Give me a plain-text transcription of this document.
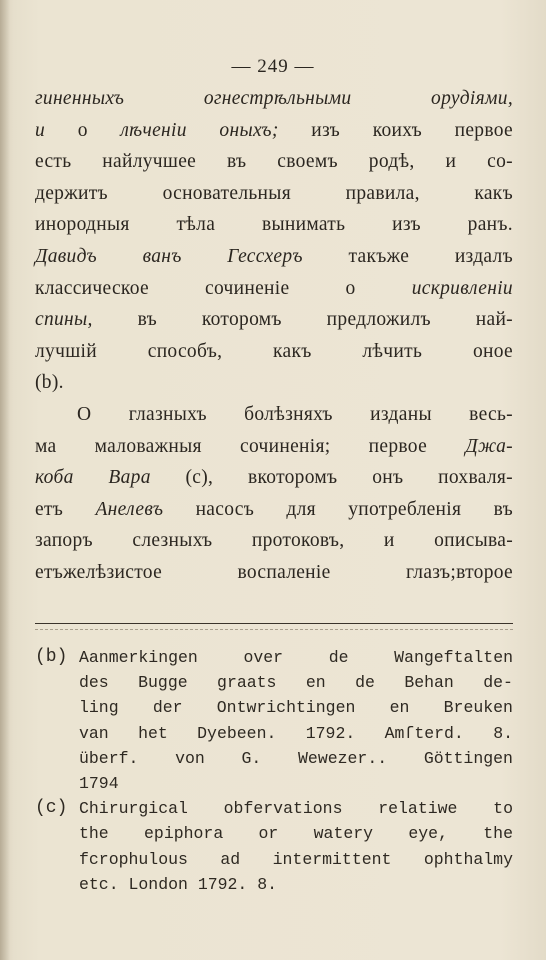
— 249 —
гиненныхъ	огнестрѣльными	орудіями,
и о лѣченіи оныхъ; изъ коихъ первое
есть найлучшее въ своемъ родѣ, и со-
держитъ	основательныя	правила,	какъ
инородныя тѣла вынимать изъ ранъ.
Давидъ ванъ Гессхеръ такъже издалъ
классическое	сочиненіе	о	искривленіи
спины, въ которомъ предложилъ най-
лучшій	способъ,	какъ	лѣчить	оное
(b).
О глазныхъ болѣзняхъ изданы весь-
ма маловажныя сочиненія; первое Джа-
коба Вара (c), вкоторомъ онъ похваля-
етъ Анелевъ насосъ для употребленія въ
запоръ слезныхъ протоковъ, и описыва-
етъжелѣзистое	воспаленіе	глазъ;второе
(b) Aanmerkingen	over	de	Wangeftalten
des Bugge graats en de Behan de-
ling der Ontwrichtingen en Breuken
van het Dyebeen. 1792. Amſterd. 8.
überf. von G. Wewezer.. Göttingen
1794
(c) Chirurgical obfervations relatiwe to
the epiphora or watery eye, the
fcrophulous ad intermittent ophthalmy
etc. London 1792. 8.
